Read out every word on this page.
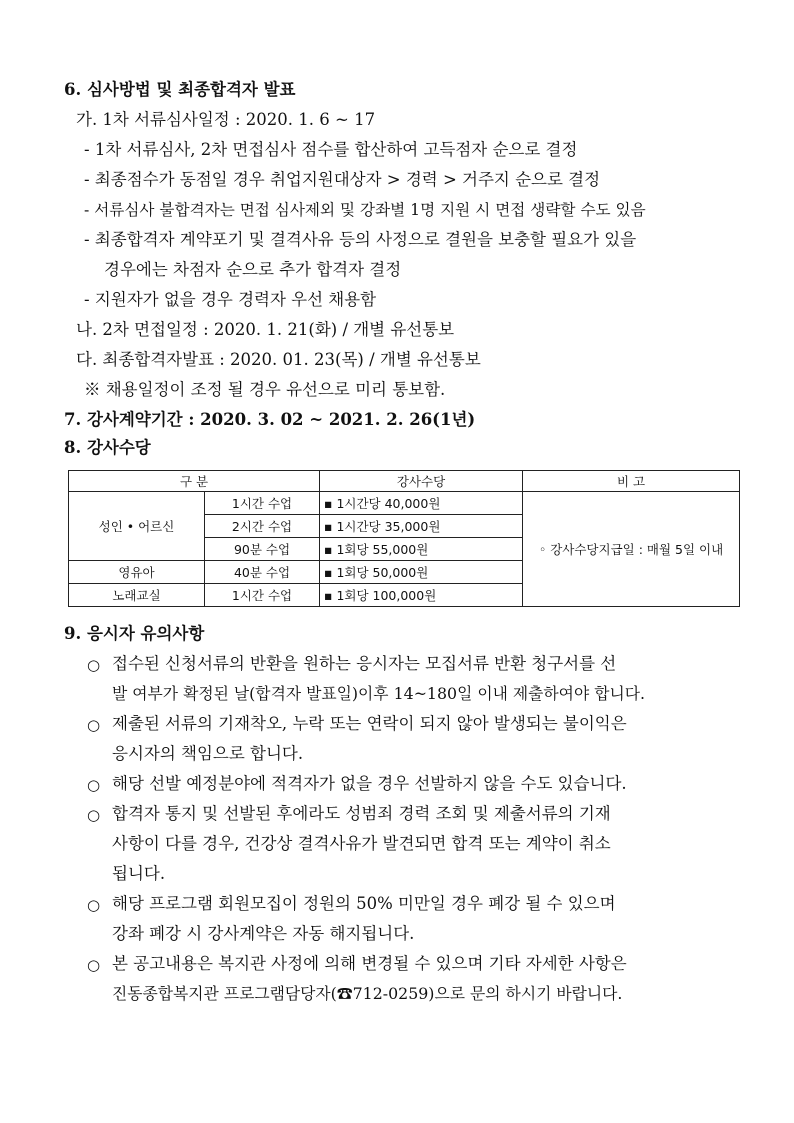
6. 심사방법 및 최종합격자 발표
가. 1차 서류심사일정 : 2020. 1. 6 ~ 17
- 1차 서류심사, 2차 면접심사 점수를 합산하여 고득점자 순으로 결정
- 최종점수가 동점일 경우 취업지원대상자 > 경력 > 거주지 순으로 결정
- 서류심사 불합격자는 면접 심사제외 및 강좌별 1명 지원 시 면접 생략할 수도 있음
- 최종합격자 계약포기 및 결격사유 등의 사정으로 결원을 보충할 필요가 있을
경우에는 차점자 순으로 추가 합격자 결정
- 지원자가 없을 경우 경력자 우선 채용함
나. 2차 면접일정 : 2020. 1. 21(화) / 개별 유선통보
다. 최종합격자발표 : 2020. 01. 23(목) / 개별 유선통보
※ 채용일정이 조정 될 경우 유선으로 미리 통보함.
7. 강사계약기간 : 2020. 3. 02 ~ 2021. 2. 26(1년)
8. 강사수당
구 분		강사수당	비 고
성인 • 어르신	1시간 수업	▪ 1시간당 40,000원	◦ 강사수당지급일 : 매월 5일 이내
	2시간 수업	▪ 1시간당 35,000원	
	90분 수업	▪ 1회당 55,000원	
영유아	40분 수업	▪ 1회당 50,000원	
노래교실	1시간 수업	▪ 1회당 100,000원	
9. 응시자 유의사항
○ 접수된 신청서류의 반환을 원하는 응시자는 모집서류 반환 청구서를 선
발 여부가 확정된 날(합격자 발표일)이후 14~180일 이내 제출하여야 합니다.
○ 제출된 서류의 기재착오, 누락 또는 연락이 되지 않아 발생되는 불이익은
응시자의 책임으로 합니다.
○ 해당 선발 예정분야에 적격자가 없을 경우 선발하지 않을 수도 있습니다.
○ 합격자 통지 및 선발된 후에라도 성범죄 경력 조회 및 제출서류의 기재
사항이 다를 경우, 건강상 결격사유가 발견되면 합격 또는 계약이 취소
됩니다.
○ 해당 프로그램 회원모집이 정원의 50% 미만일 경우 폐강 될 수 있으며
강좌 폐강 시 강사계약은 자동 해지됩니다.
○ 본 공고내용은 복지관 사정에 의해 변경될 수 있으며 기타 자세한 사항은
진동종합복지관 프로그램담당자(☎712-0259)으로 문의 하시기 바랍니다.
